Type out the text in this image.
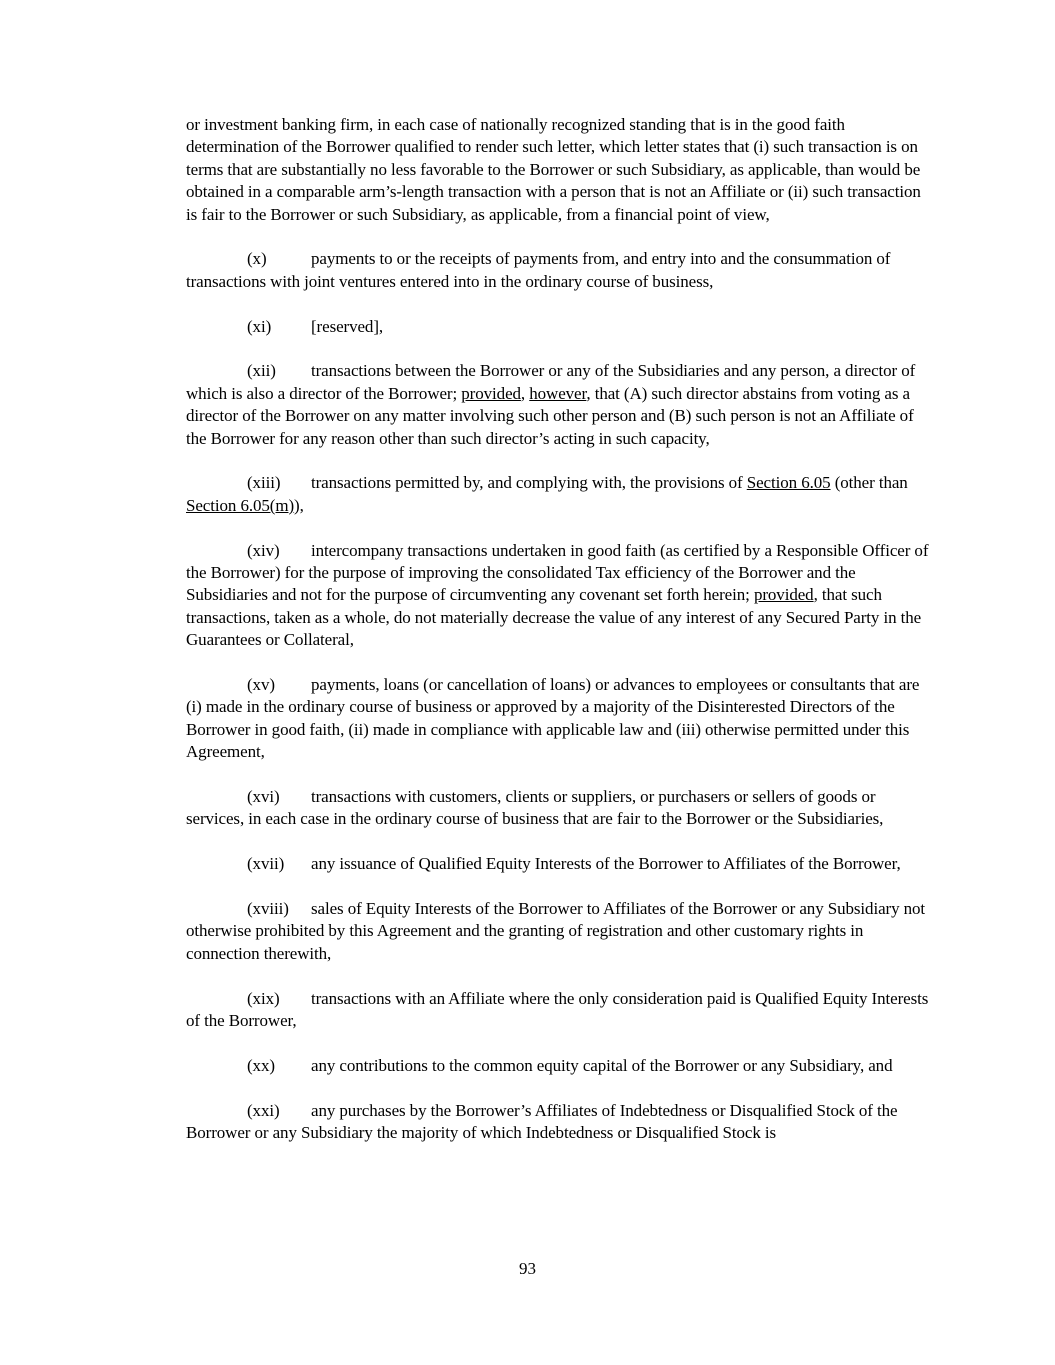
or investment banking firm, in each case of nationally recognized standing that is in the good faith determination of the Borrower qualified to render such letter, which letter states that (i) such transaction is on terms that are substantially no less favorable to the Borrower or such Subsidiary, as applicable, than would be obtained in a comparable arm’s-length transaction with a person that is not an Affiliate or (ii) such transaction is fair to the Borrower or such Subsidiary, as applicable, from a financial point of view,

(x)	payments to or the receipts of payments from, and entry into and the consummation of transactions with joint ventures entered into in the ordinary course of business,

(xi) [reserved],

(xii) transactions between the Borrower or any of the Subsidiaries and any person, a director of which is also a director of the Borrower; provided, however, that (A) such director abstains from voting as a director of the Borrower on any matter involving such other person and (B) such person is not an Affiliate of the Borrower for any reason other than such director’s acting in such capacity,

(xiii) transactions permitted by, and complying with, the provisions of Section 6.05 (other than Section 6.05(m)),

(xiv) intercompany transactions undertaken in good faith (as certified by a Responsible Officer of the Borrower) for the purpose of improving the consolidated Tax efficiency of the Borrower and the Subsidiaries and not for the purpose of circumventing any covenant set forth herein; provided, that such transactions, taken as a whole, do not materially decrease the value of any interest of any Secured Party in the Guarantees or Collateral,

(xv) payments, loans (or cancellation of loans) or advances to employees or consultants that are (i) made in the ordinary course of business or approved by a majority of the Disinterested Directors of the Borrower in good faith, (ii) made in compliance with applicable law and (iii) otherwise permitted under this Agreement,

(xvi) transactions with customers, clients or suppliers, or purchasers or sellers of goods or services, in each case in the ordinary course of business that are fair to the Borrower or the Subsidiaries,

(xvii) any issuance of Qualified Equity Interests of the Borrower to Affiliates of the Borrower,

(xviii) sales of Equity Interests of the Borrower to Affiliates of the Borrower or any Subsidiary not otherwise prohibited by this Agreement and the granting of registration and other customary rights in connection therewith,

(xix) transactions with an Affiliate where the only consideration paid is Qualified Equity Interests of the Borrower,

(xx) any contributions to the common equity capital of the Borrower or any Subsidiary, and

(xxi) any purchases by the Borrower’s Affiliates of Indebtedness or Disqualified Stock of the Borrower or any Subsidiary the majority of which Indebtedness or Disqualified Stock is

93
